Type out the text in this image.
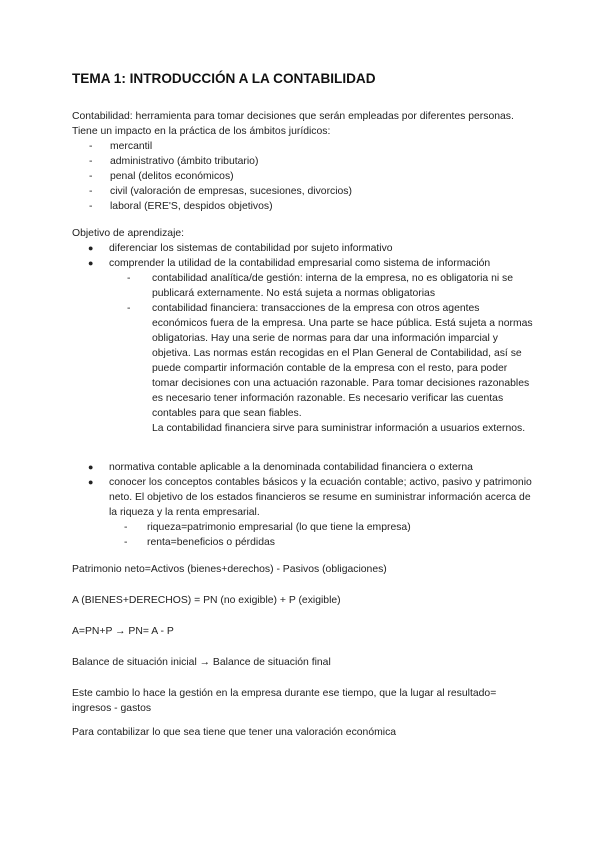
TEMA 1: INTRODUCCIÓN A LA CONTABILIDAD

Contabilidad: herramienta para tomar decisiones que serán empleadas por diferentes personas. Tiene un impacto en la práctica de los ámbitos jurídicos:

- mercantil
- administrativo (ámbito tributario)
- penal (delitos económicos)
- civil (valoración de empresas, sucesiones, divorcios)
- laboral (ERE'S, despidos objetivos)

Objetivo de aprendizaje:

● diferenciar los sistemas de contabilidad por sujeto informativo
● comprender la utilidad de la contabilidad empresarial como sistema de información
- contabilidad analítica/de gestión: interna de la empresa, no es obligatoria ni se publicará externamente. No está sujeta a normas obligatorias
- contabilidad financiera: transacciones de la empresa con otros agentes económicos fuera de la empresa. Una parte se hace pública. Está sujeta a normas obligatorias. Hay una serie de normas para dar una información imparcial y objetiva. Las normas están recogidas en el Plan General de Contabilidad, así se puede compartir información contable de la empresa con el resto, para poder tomar decisiones con una actuación razonable. Para tomar decisiones razonables es necesario tener información razonable. Es necesario verificar las cuentas contables para que sean fiables.
La contabilidad financiera sirve para suministrar información a usuarios externos.
● normativa contable aplicable a la denominada contabilidad financiera o externa
● conocer los conceptos contables básicos y la ecuación contable; activo, pasivo y patrimonio neto. El objetivo de los estados financieros se resume en suministrar información acerca de la riqueza y la renta empresarial.
- riqueza=patrimonio empresarial (lo que tiene la empresa)
- renta=beneficios o pérdidas

Patrimonio neto=Activos (bienes+derechos) - Pasivos (obligaciones)

A (BIENES+DERECHOS) = PN (no exigible) + P (exigible)

A=PN+P → PN= A - P

Balance de situación inicial → Balance de situación final

Este cambio lo hace la gestión en la empresa durante ese tiempo, que la lugar al resultado= ingresos - gastos

Para contabilizar lo que sea tiene que tener una valoración económica
